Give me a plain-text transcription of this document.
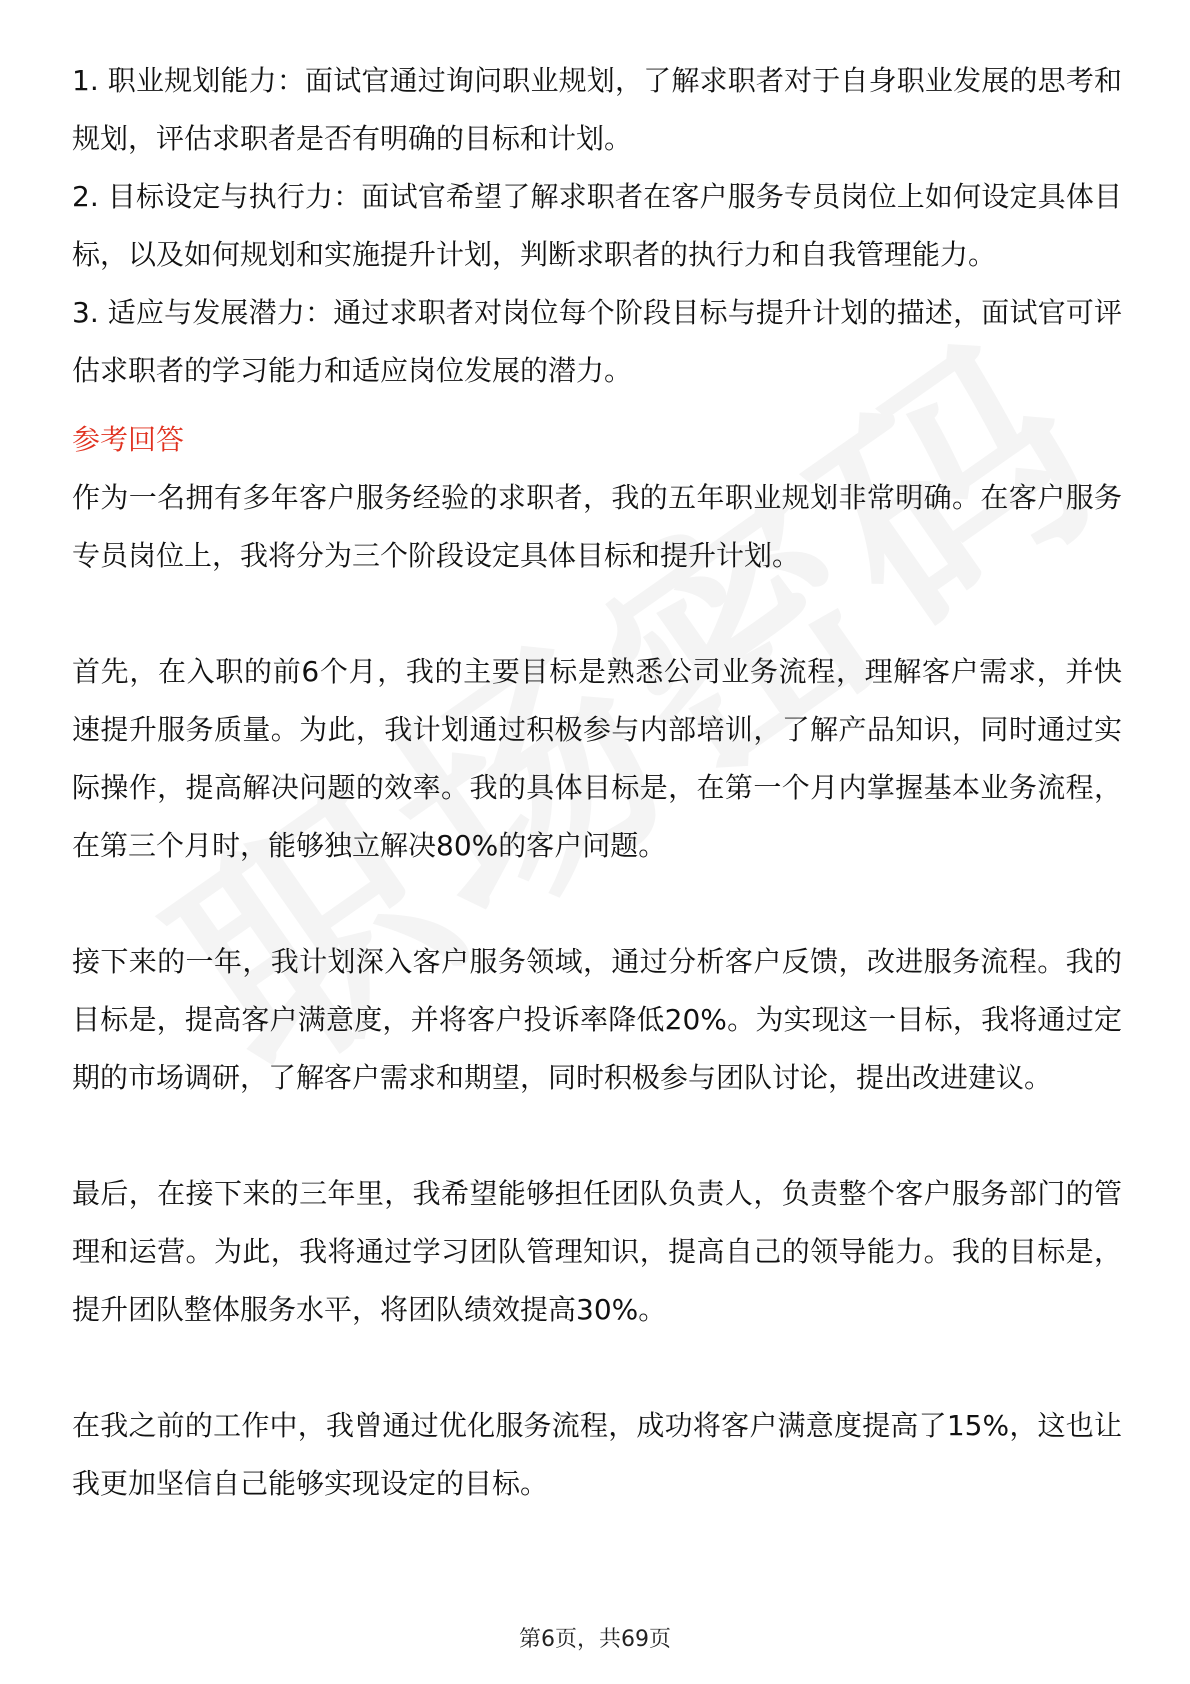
1. 职业规划能力：面试官通过询问职业规划，了解求职者对于自身职业发展的思考和规划，评估求职者是否有明确的目标和计划。

2. 目标设定与执行力：面试官希望了解求职者在客户服务专员岗位上如何设定具体目标，以及如何规划和实施提升计划，判断求职者的执行力和自我管理能力。

3. 适应与发展潜力：通过求职者对岗位每个阶段目标与提升计划的描述，面试官可评估求职者的学习能力和适应岗位发展的潜力。

参考回答

作为一名拥有多年客户服务经验的求职者，我的五年职业规划非常明确。在客户服务专员岗位上，我将分为三个阶段设定具体目标和提升计划。

首先，在入职的前6个月，我的主要目标是熟悉公司业务流程，理解客户需求，并快速提升服务质量。为此，我计划通过积极参与内部培训，了解产品知识，同时通过实际操作，提高解决问题的效率。我的具体目标是，在第一个月内掌握基本业务流程，在第三个月时，能够独立解决80%的客户问题。

接下来的一年，我计划深入客户服务领域，通过分析客户反馈，改进服务流程。我的目标是，提高客户满意度，并将客户投诉率降低20%。为实现这一目标，我将通过定期的市场调研，了解客户需求和期望，同时积极参与团队讨论，提出改进建议。

最后，在接下来的三年里，我希望能够担任团队负责人，负责整个客户服务部门的管理和运营。为此，我将通过学习团队管理知识，提高自己的领导能力。我的目标是，提升团队整体服务水平，将团队绩效提高30%。

在我之前的工作中，我曾通过优化服务流程，成功将客户满意度提高了15%，这也让我更加坚信自己能够实现设定的目标。

第6页，共69页
